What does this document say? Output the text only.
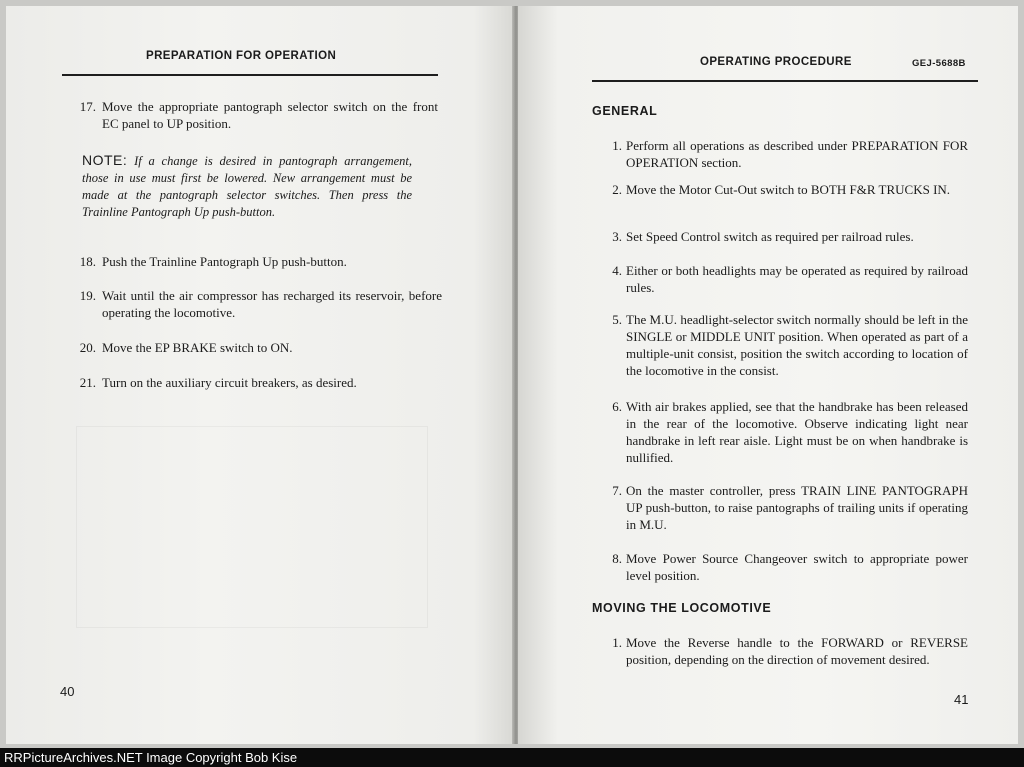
PREPARATION FOR OPERATION
17. Move the appropriate pantograph selector switch on the front EC panel to UP position.
NOTE: If a change is desired in pantograph arrangement, those in use must first be lowered. New arrangement must be made at the pantograph selector switches. Then press the Trainline Pantograph Up push-button.
18. Push the Trainline Pantograph Up push-button.
19. Wait until the air compressor has recharged its reservoir, before operating the locomotive.
20. Move the EP BRAKE switch to ON.
21. Turn on the auxiliary circuit breakers, as desired.
40
OPERATING PROCEDURE	GEJ-5688B
GENERAL
1. Perform all operations as described under PREPARATION FOR OPERATION section.
2. Move the Motor Cut-Out switch to BOTH F&R TRUCKS IN.
3. Set Speed Control switch as required per railroad rules.
4. Either or both headlights may be operated as required by railroad rules.
5. The M.U. headlight-selector switch normally should be left in the SINGLE or MIDDLE UNIT position. When operated as part of a multiple-unit consist, position the switch according to location of the locomotive in the consist.
6. With air brakes applied, see that the handbrake has been released in the rear of the locomotive. Observe indicating light near handbrake in left rear aisle. Light must be on when handbrake is nullified.
7. On the master controller, press TRAIN LINE PANTOGRAPH UP push-button, to raise pantographs of trailing units if operating in M.U.
8. Move Power Source Changeover switch to appropriate power level position.
MOVING THE LOCOMOTIVE
1. Move the Reverse handle to the FORWARD or REVERSE position, depending on the direction of movement desired.
41
RRPictureArchives.NET Image Copyright Bob Kise
